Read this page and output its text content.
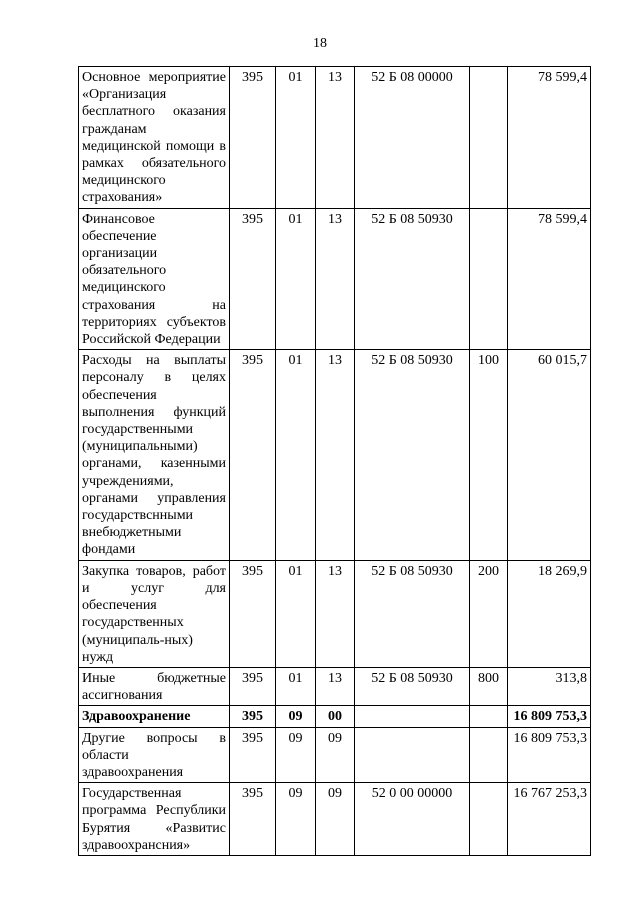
18
Основное мероприятие «Организация бесплатного оказания гражданам медицинской помощи в рамках обязательного медицинского страхования»	395	01	13	52 Б 08 00000		78 599,4
Финансовое обеспечение организации обязательного медицинского страхования на территориях субъектов Российской Федерации	395	01	13	52 Б 08 50930		78 599,4
Расходы на выплаты персоналу в целях обеспечения выполнения функций государственными (муниципальными) органами, казенными учреждениями, органами управления государствснными внебюджетными фондами	395	01	13	52 Б 08 50930	100	60 015,7
Закупка товаров, работ и услуг для обеспечения государственных (муниципаль-ных) нужд	395	01	13	52 Б 08 50930	200	18 269,9
Иные бюджетные ассигнования	395	01	13	52 Б 08 50930	800	313,8
Здравоохранение	395	09	00			16 809 753,3
Другие вопросы в области здравоохранения	395	09	09			16 809 753,3
Государственная программа Республики Бурятия «Развитис здравоохрансния»	395	09	09	52 0 00 00000		16 767 253,3
